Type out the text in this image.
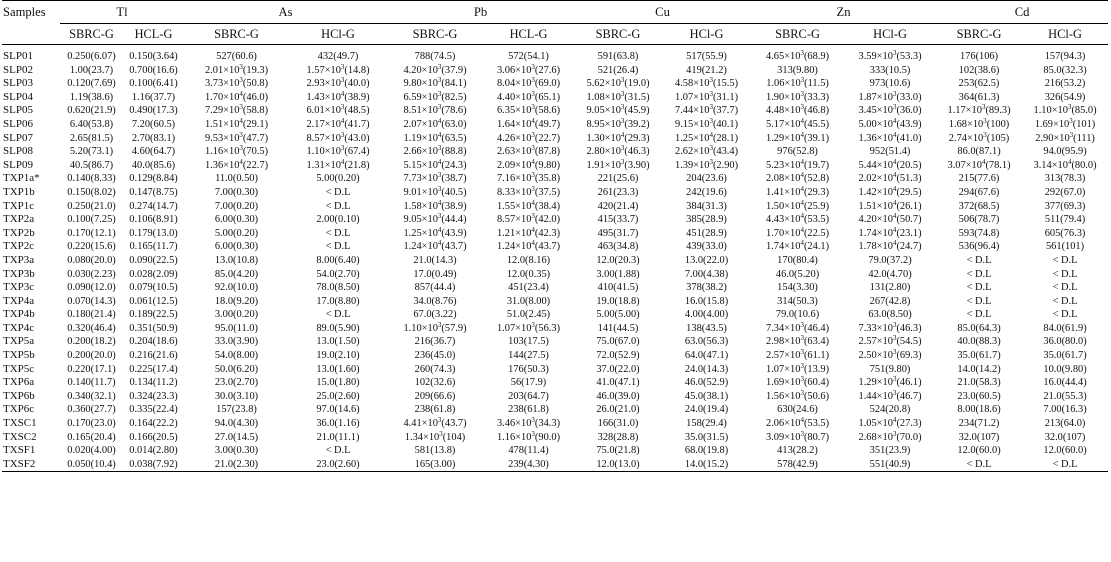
Samples	Tl		As		Pb		Cu		Zn		Cd	
	SBRC-G	HCL-G	SBRC-G	HCl-G	SBRC-G	HCL-G	SBRC-G	HCl-G	SBRC-G	HCl-G	SBRC-G	HCl-G
SLP01	0.250(6.07)	0.150(3.64)	527(60.6)	432(49.7)	788(74.5)	572(54.1)	591(63.8)	517(55.9)	$4.65\times 10^3(68.9)$	$3.59\times 10^3(53.3)$	176(106)	157(94.3)
SLP02	1.00(23.7)	0.700(16.6)	$2.01\times 10^3(19.3)$	$1.57\times 10^3(14.8)$	$4.20\times 10^3(37.9)$	$3.06\times 10^3(27.6)$	521(26.4)	419(21.2)	313(9.80)	333(10.5)	102(38.6)	85.0(32.3)
SLP03	0.120(7.69)	0.100(6.41)	$3.73\times 10^3(50.8)$	$2.93\times 10^3(40.0)$	$9.80\times 10^3(84.1)$	$8.04\times 10^3(69.0)$	$5.62\times 10^3(19.0)$	$4.58\times 10^3(15.5)$	$1.06\times 10^3(11.5)$	973(10.6)	253(62.5)	216(53.2)
SLP04	1.19(38.6)	1.16(37.7)	$1.70\times 10^4(46.0)$	$1.43\times 10^4(38.9)$	$6.59\times 10^3(82.5)$	$4.40\times 10^3(65.1)$	$1.08\times 10^3(31.5)$	$1.07\times 10^3(31.1)$	$1.90\times 10^3(33.3)$	$1.87\times 10^3(33.0)$	364(61.3)	326(54.9)
SLP05	0.620(21.9)	0.490(17.3)	$7.29\times 10^3(58.8)$	$6.01\times 10^3(48.5)$	$8.51\times 10^3(78.6)$	$6.35\times 10^3(58.6)$	$9.05\times 10^3(45.9)$	$7.44\times 10^3(37.7)$	$4.48\times 10^3(46.8)$	$3.45\times 10^3(36.0)$	$1.17\times 10^3(89.3)$	$1.10\times 10^3(85.0)$
SLP06	6.40(53.8)	7.20(60.5)	$1.51\times 10^4(29.1)$	$2.17\times 10^4(41.7)$	$2.07\times 10^4(63.0)$	$1.64\times 10^4(49.7)$	$8.95\times 10^3(39.2)$	$9.15\times 10^3(40.1)$	$5.17\times 10^4(45.5)$	$5.00\times 10^4(43.9)$	$1.68\times 10^3(100)$	$1.69\times 10^3(101)$
SLP07	2.65(81.5)	2.70(83.1)	$9.53\times 10^3(47.7)$	$8.57\times 10^3(43.0)$	$1.19\times 10^4(63.5)$	$4.26\times 10^3(22.7)$	$1.30\times 10^4(29.3)$	$1.25\times 10^4(28.1)$	$1.29\times 10^4(39.1)$	$1.36\times 10^4(41.0)$	$2.74\times 10^3(105)$	$2.90\times 10^3(111)$
SLP08	5.20(73.1)	4.60(64.7)	$1.16\times 10^3(70.5)$	$1.10\times 10^3(67.4)$	$2.66\times 10^3(88.8)$	$2.63\times 10^3(87.8)$	$2.80\times 10^3(46.3)$	$2.62\times 10^3(43.4)$	976(52.8)	952(51.4)	86.0(87.1)	94.0(95.9)
SLP09	40.5(86.7)	40.0(85.6)	$1.36\times 10^4(22.7)$	$1.31\times 10^4(21.8)$	$5.15\times 10^4(24.3)$	$2.09\times 10^4(9.80)$	$1.91\times 10^3(3.90)$	$1.39\times 10^3(2.90)$	$5.23\times 10^4(19.7)$	$5.44\times 10^4(20.5)$	$3.07\times 10^4(78.1)$	$3.14\times 10^4(80.0)$
TXP1a*	0.140(8.33)	0.129(8.84)	11.0(0.50)	5.00(0.20)	$7.73\times 10^3(38.7)$	$7.16\times 10^3(35.8)$	221(25.6)	204(23.6)	$2.08\times 10^4(52.8)$	$2.02\times 10^4(51.3)$	215(77.6)	313(78.3)
TXP1b	0.150(8.02)	0.147(8.75)	7.00(0.30)	< D.L	$9.01\times 10^3(40.5)$	$8.33\times 10^3(37.5)$	261(23.3)	242(19.6)	$1.41\times 10^4(29.3)$	$1.42\times 10^4(29.5)$	294(67.6)	292(67.0)
TXP1c	0.250(21.0)	0.274(14.7)	7.00(0.20)	< D.L	$1.58\times 10^4(38.9)$	$1.55\times 10^4(38.4)$	420(21.4)	384(31.3)	$1.50\times 10^4(25.9)$	$1.51\times 10^4(26.1)$	372(68.5)	377(69.3)
TXP2a	0.100(7.25)	0.106(8.91)	6.00(0.30)	2.00(0.10)	$9.05\times 10^3(44.4)$	$8.57\times 10^3(42.0)$	415(33.7)	385(28.9)	$4.43\times 10^4(53.5)$	$4.20\times 10^4(50.7)$	506(78.7)	511(79.4)
TXP2b	0.170(12.1)	0.179(13.0)	5.00(0.20)	< D.L	$1.25\times 10^4(43.9)$	$1.21\times 10^4(42.3)$	495(31.7)	451(28.9)	$1.70\times 10^4(22.5)$	$1.74\times 10^4(23.1)$	593(74.8)	605(76.3)
TXP2c	0.220(15.6)	0.165(11.7)	6.00(0.30)	< D.L	$1.24\times 10^4(43.7)$	$1.24\times 10^4(43.7)$	463(34.8)	439(33.0)	$1.74\times 10^4(24.1)$	$1.78\times 10^4(24.7)$	536(96.4)	561(101)
TXP3a	0.080(20.0)	0.090(22.5)	13.0(10.8)	8.00(6.40)	21.0(14.3)	12.0(8.16)	12.0(20.3)	13.0(22.0)	170(80.4)	79.0(37.2)	< D.L	< D.L
TXP3b	0.030(2.23)	0.028(2.09)	85.0(4.20)	54.0(2.70)	17.0(0.49)	12.0(0.35)	3.00(1.88)	7.00(4.38)	46.0(5.20)	42.0(4.70)	< D.L	< D.L
TXP3c	0.090(12.0)	0.079(10.5)	92.0(10.0)	78.0(8.50)	857(44.4)	451(23.4)	410(41.5)	378(38.2)	154(3.30)	131(2.80)	< D.L	< D.L
TXP4a	0.070(14.3)	0.061(12.5)	18.0(9.20)	17.0(8.80)	34.0(8.76)	31.0(8.00)	19.0(18.8)	16.0(15.8)	314(50.3)	267(42.8)	< D.L	< D.L
TXP4b	0.180(21.4)	0.189(22.5)	3.00(0.20)	< D.L	67.0(3.22)	51.0(2.45)	5.00(5.00)	4.00(4.00)	79.0(10.6)	63.0(8.50)	< D.L	< D.L
TXP4c	0.320(46.4)	0.351(50.9)	95.0(11.0)	89.0(5.90)	$1.10\times 10^3(57.9)$	$1.07\times 10^3(56.3)$	141(44.5)	138(43.5)	$7.34\times 10^3(46.4)$	$7.33\times 10^3(46.3)$	85.0(64.3)	84.0(61.9)
TXP5a	0.200(18.2)	0.204(18.6)	33.0(3.90)	13.0(1.50)	216(36.7)	103(17.5)	75.0(67.0)	63.0(56.3)	$2.98\times 10^3(63.4)$	$2.57\times 10^3(54.5)$	40.0(88.3)	36.0(80.0)
TXP5b	0.200(20.0)	0.216(21.6)	54.0(8.00)	19.0(2.10)	236(45.0)	144(27.5)	72.0(52.9)	64.0(47.1)	$2.57\times 10^3(61.1)$	$2.50\times 10^3(69.3)$	35.0(61.7)	35.0(61.7)
TXP5c	0.220(17.1)	0.225(17.4)	50.0(6.20)	13.0(1.60)	260(74.3)	176(50.3)	37.0(22.0)	24.0(14.3)	$1.07\times 10^3(13.9)$	751(9.80)	14.0(14.2)	10.0(9.80)
TXP6a	0.140(11.7)	0.134(11.2)	23.0(2.70)	15.0(1.80)	102(32.6)	56(17.9)	41.0(47.1)	46.0(52.9)	$1.69\times 10^3(60.4)$	$1.29\times 10^3(46.1)$	21.0(58.3)	16.0(44.4)
TXP6b	0.340(32.1)	0.324(23.3)	30.0(3.10)	25.0(2.60)	209(66.6)	203(64.7)	46.0(39.0)	45.0(38.1)	$1.56\times 10^3(50.6)$	$1.44\times 10^3(46.7)$	23.0(60.5)	21.0(55.3)
TXP6c	0.360(27.7)	0.335(22.4)	157(23.8)	97.0(14.6)	238(61.8)	238(61.8)	26.0(21.0)	24.0(19.4)	630(24.6)	524(20.8)	8.00(18.6)	7.00(16.3)
TXSC1	0.170(23.0)	0.164(22.2)	94.0(4.30)	36.0(1.16)	$4.41\times 10^3(43.7)$	$3.46\times 10^3(34.3)$	166(31.0)	158(29.4)	$2.06\times 10^4(53.5)$	$1.05\times 10^4(27.3)$	234(71.2)	213(64.0)
TXSC2	0.165(20.4)	0.166(20.5)	27.0(14.5)	21.0(11.1)	$1.34\times 10^3(104)$	$1.16\times 10^3(90.0)$	328(28.8)	35.0(31.5)	$3.09\times 10^3(80.7)$	$2.68\times 10^3(70.0)$	32.0(107)	32.0(107)
TXSF1	0.020(4.00)	0.014(2.80)	3.00(0.30)	< D.L	581(13.8)	478(11.4)	75.0(21.8)	68.0(19.8)	413(28.2)	351(23.9)	12.0(60.0)	12.0(60.0)
TXSF2	0.050(10.4)	0.038(7.92)	21.0(2.30)	23.0(2.60)	165(3.00)	239(4.30)	12.0(13.0)	14.0(15.2)	578(42.9)	551(40.9)	< D.L	< D.L
